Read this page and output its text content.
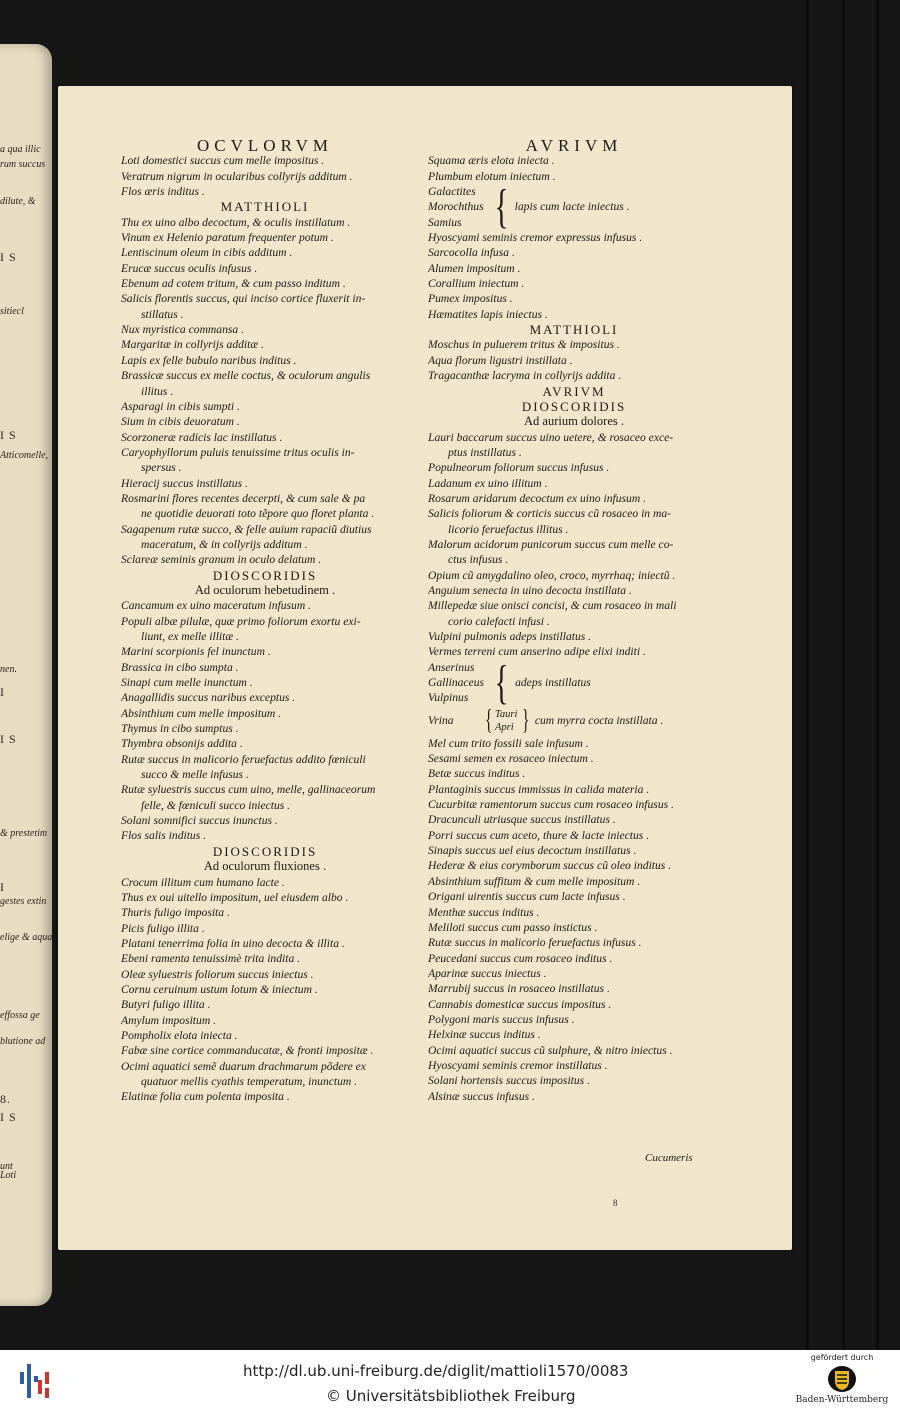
a qua illic
rum succus
dilute, &
I S
sitiecl
I S
Atticomelle,
nen.
I
I S
& prestetim
I
gestes extin
elige & aqua
effossa ge
blutione ad
8.
I S
unt
Loti
OCVLORVM
Loti domestici succus cum melle impositus .
Veratrum nigrum in ocularibus collyrijs additum .
Flos æris inditus .
MATTHIOLI
Thu ex uino albo decoctum, & oculis instillatum .
Vinum ex Helenio paratum frequenter potum .
Lentiscinum oleum in cibis additum .
Erucæ succus oculis infusus .
Ebenum ad cotem tritum, & cum passo inditum .
Salicis florentis succus, qui inciso cortice fluxerit in-
stillatus .
Nux myristica commansa .
Margaritæ in collyrijs additæ .
Lapis ex felle bubulo naribus inditus .
Brassicæ succus ex melle coctus, & oculorum angulis
illitus .
Asparagi in cibis sumpti .
Sium in cibis deuoratum .
Scorzoneræ radicis lac instillatus .
Caryophyllorum puluis tenuissime tritus oculis in-
spersus .
Hieracij succus instillatus .
Rosmarini flores recentes decerpti, & cum sale & pa
ne quotidie deuorati toto tẽpore quo floret planta .
Sagapenum rutæ succo, & felle auium rapaciũ diutius
maceratum, & in collyrijs additum .
Sclareæ seminis granum in oculo delatum .
DIOSCORIDIS
Ad oculorum hebetudinem .
Cancamum ex uino maceratum infusum .
Populi albæ pilulæ, quæ primo foliorum exortu exi-
liunt, ex melle illitæ .
Marini scorpionis fel inunctum .
Brassica in cibo sumpta .
Sinapi cum melle inunctum .
Anagallidis succus naribus exceptus .
Absinthium cum melle impositum .
Thymus in cibo sumptus .
Thymbra obsonijs addita .
Rutæ succus in malicorio feruefactus addito fœniculi
succo & melle infusus .
Rutæ syluestris succus cum uino, melle, gallinaceorum
felle, & fœniculi succo iniectus .
Solani somnifici succus inunctus .
Flos salis inditus .
DIOSCORIDIS
Ad oculorum fluxiones .
Crocum illitum cum humano lacte .
Thus ex oui uitello impositum, uel eiusdem albo .
Thuris fuligo imposita .
Picis fuligo illita .
Platani tenerrima folia in uino decocta & illita .
Ebeni ramenta tenuissimè trita indita .
Oleæ syluestris foliorum succus iniectus .
Cornu ceruinum ustum lotum & iniectum .
Butyri fuligo illita .
Amylum impositum .
Pompholix elota iniecta .
Fabæ sine cortice commanducatæ, & fronti impositæ .
Ocimi aquatici semẽ duarum drachmarum põdere ex
quatuor mellis cyathis temperatum, inunctum .
Elatinæ folia cum polenta imposita .
AVRIVM
Squama æris elota iniecta .
Plumbum elotum iniectum .
Galactites
Morochthus
Samius { lapis cum lacte iniectus .
Hyoscyami seminis cremor expressus infusus .
Sarcocolla infusa .
Alumen impositum .
Corallium iniectum .
Pumex impositus .
Hæmatites lapis iniectus .
MATTHIOLI
Moschus in puluerem tritus & impositus .
Aqua florum ligustri instillata .
Tragacanthæ lacryma in collyrijs addita .
AVRIVM
DIOSCORIDIS
Ad aurium dolores .
Lauri baccarum succus uino uetere, & rosaceo exce-
ptus instillatus .
Populneorum foliorum succus infusus .
Ladanum ex uino illitum .
Rosarum aridarum decoctum ex uino infusum .
Salicis foliorum & corticis succus cũ rosaceo in ma-
licorio feruefactus illitus .
Malorum acidorum punicorum succus cum melle co-
ctus infusus .
Opium cũ amygdalino oleo, croco, myrrhaq; iniectũ .
Anguium senecta in uino decocta instillata .
Millepedæ siue onisci concisi, & cum rosaceo in mali
corio calefacti infusi .
Vulpini pulmonis adeps instillatus .
Vermes terreni cum anserino adipe elixi inditi .
Anserinus
Gallinaceus
Vulpinus { adeps instillatus
Vrina { Tauri
Apri } cum myrra cocta instillata .
Mel cum trito fossili sale infusum .
Sesami semen ex rosaceo iniectum .
Betæ succus inditus .
Plantaginis succus immissus in calida materia .
Cucurbitæ ramentorum succus cum rosaceo infusus .
Dracunculi utriusque succus instillatus .
Porri succus cum aceto, thure & lacte iniectus .
Sinapis succus uel eius decoctum instillatus .
Hederæ & eius corymborum succus cũ oleo inditus .
Absinthium suffitum & cum melle impositum .
Origani uirentis succus cum lacte infusus .
Menthæ succus inditus .
Meliloti succus cum passo instictus .
Rutæ succus in malicorio feruefactus infusus .
Peucedani succus cum rosaceo inditus .
Aparinæ succus iniectus .
Marrubij succus in rosaceo instillatus .
Cannabis domesticæ succus impositus .
Polygoni maris succus infusus .
Helxinæ succus inditus .
Ocimi aquatici succus cũ sulphure, & nitro iniectus .
Hyoscyami seminis cremor instillatus .
Solani hortensis succus impositus .
Alsinæ succus infusus .
Cucumeris
8
http://dl.ub.uni-freiburg.de/diglit/mattioli1570/0083
© Universitätsbibliothek Freiburg
gefördert durch
Baden-Württemberg
